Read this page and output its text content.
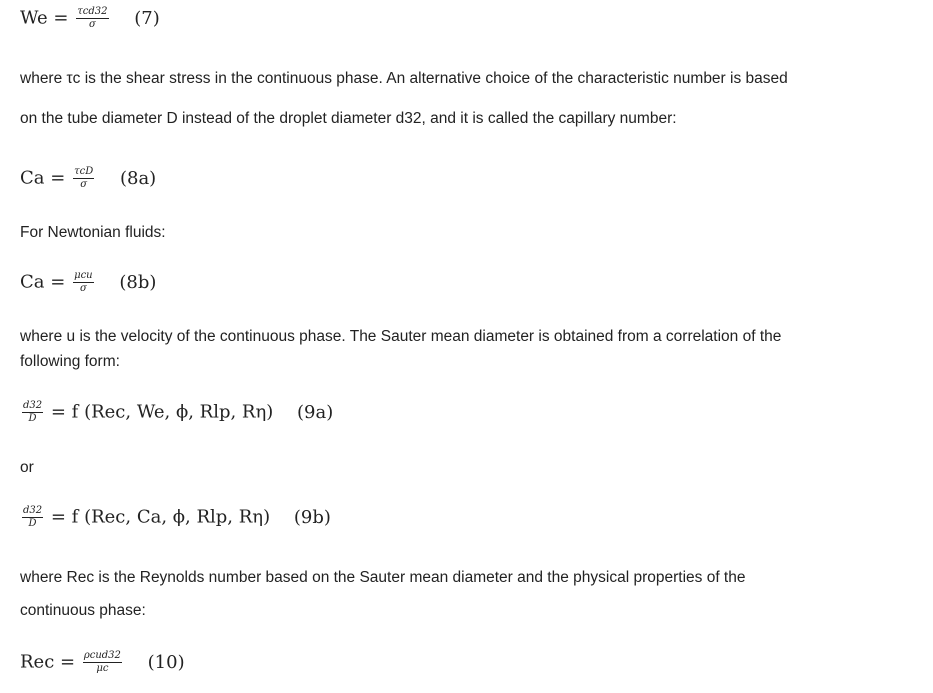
$We = \frac{\text{τcd32}}{\sigma} (7)$
where τc is the shear stress in the continuous phase. An alternative choice of the characteristic number is based
on the tube diameter D instead of the droplet diameter d32, and it is called the capillary number:
$Ca = \frac{\text{τcD}}{\sigma} (8a)$
For Newtonian fluids:
$Ca = \frac{\text{μcu}}{\sigma} (8b)$
where u is the velocity of the continuous phase. The Sauter mean diameter is obtained from a correlation of the
following form:
$\frac{d32}{D} = f$ (Rec, We, ϕ, Rlp, Rη) (9a)
or
$\frac{d32}{D} = f$ (Rec, Ca, ϕ, Rlp, Rη) (9b)
where Rec is the Reynolds number based on the Sauter mean diameter and the physical properties of the
continuous phase:
Rec = $\frac{\text{ρcud32}}{\mu c} (10)$
